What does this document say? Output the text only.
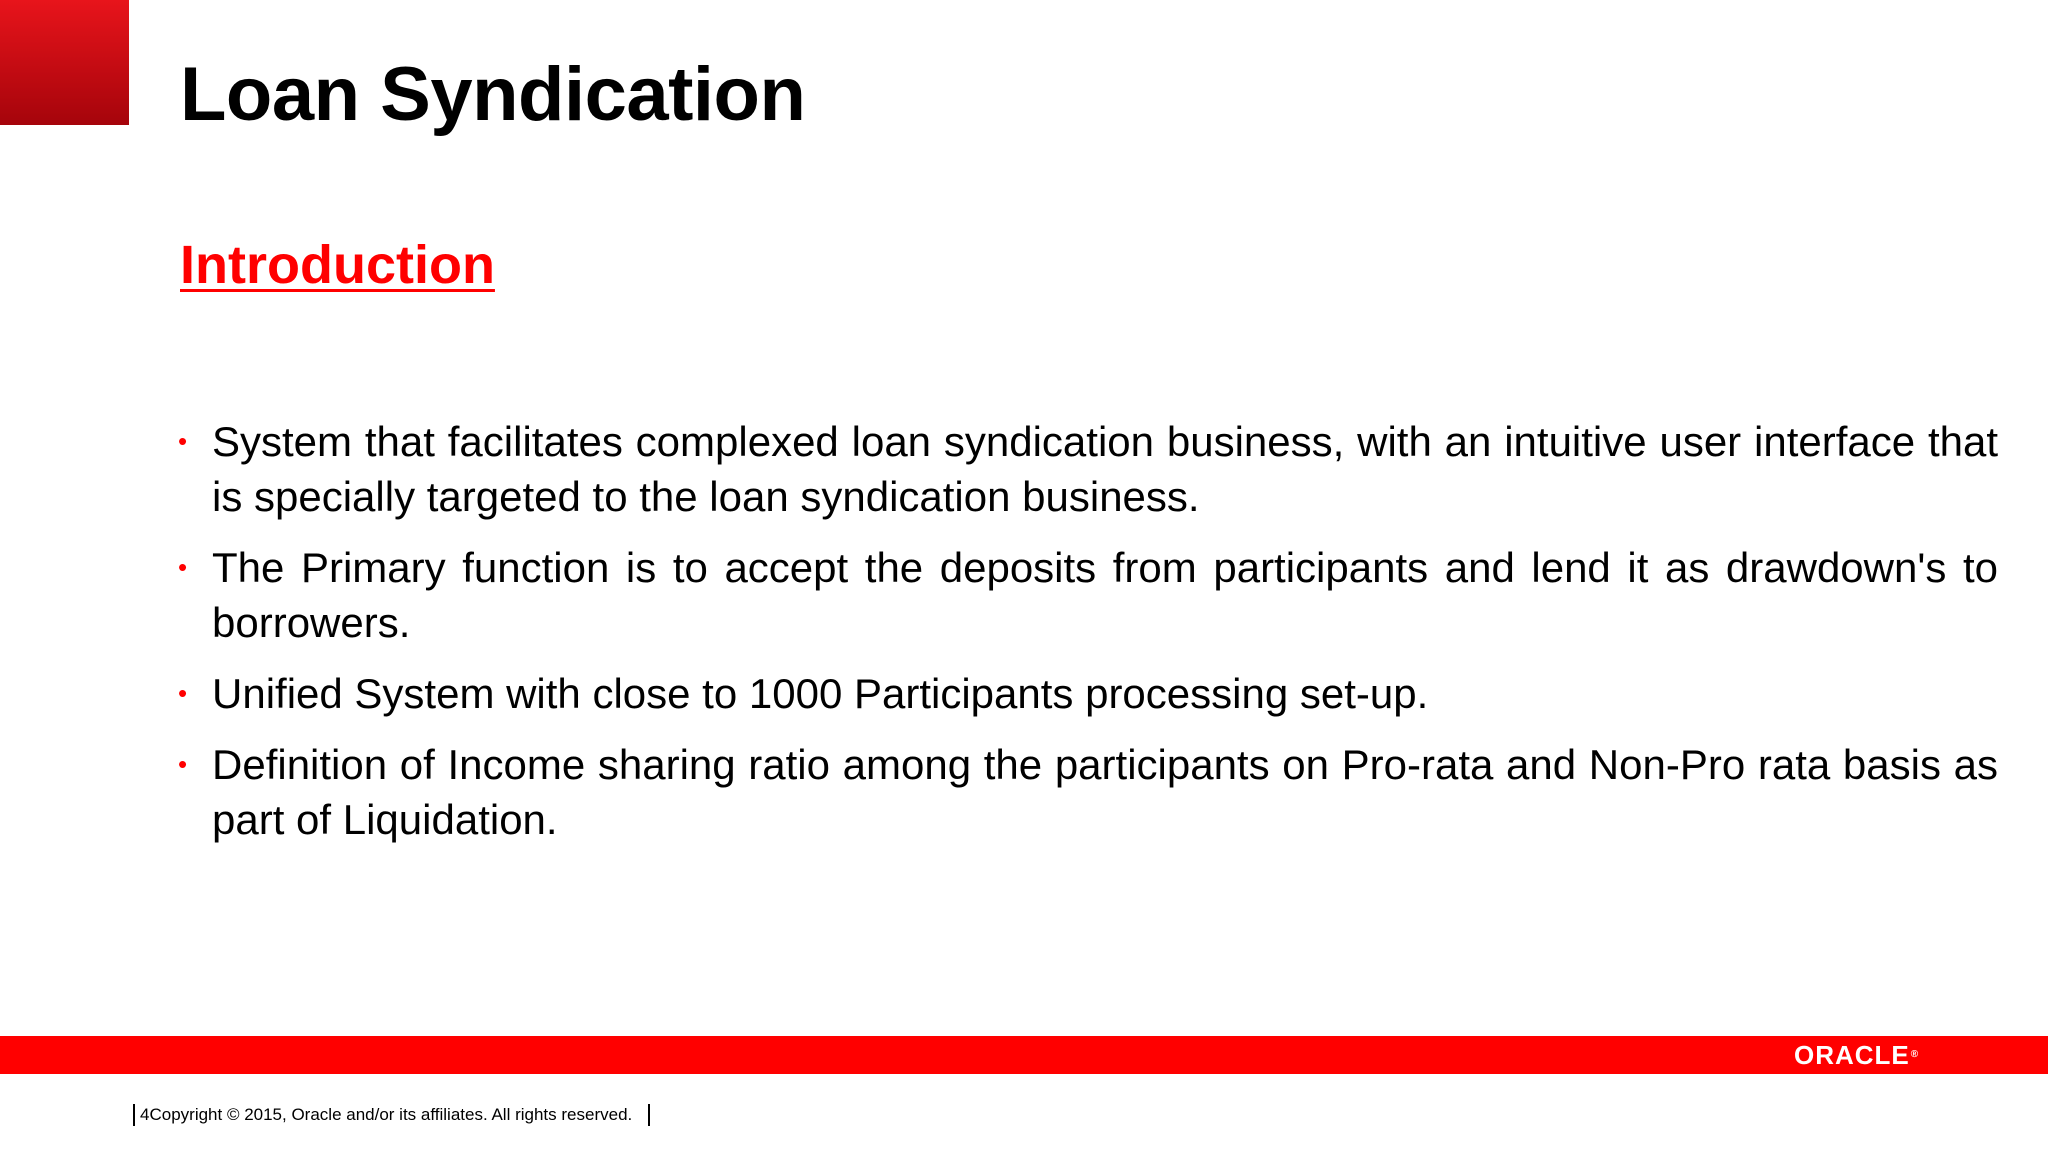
Loan Syndication
Introduction
• System that facilitates complexed loan syndication business, with an intuitive user interface that is specially targeted to the loan syndication business.
• The Primary function is to accept the deposits from participants and lend it as drawdown's to borrowers.
• Unified System with close to 1000 Participants processing set-up.
• Definition of Income sharing ratio among the participants on Pro-rata and Non-Pro rata basis as part of Liquidation.
ORACLE®
4Copyright © 2015, Oracle and/or its affiliates. All rights reserved.
